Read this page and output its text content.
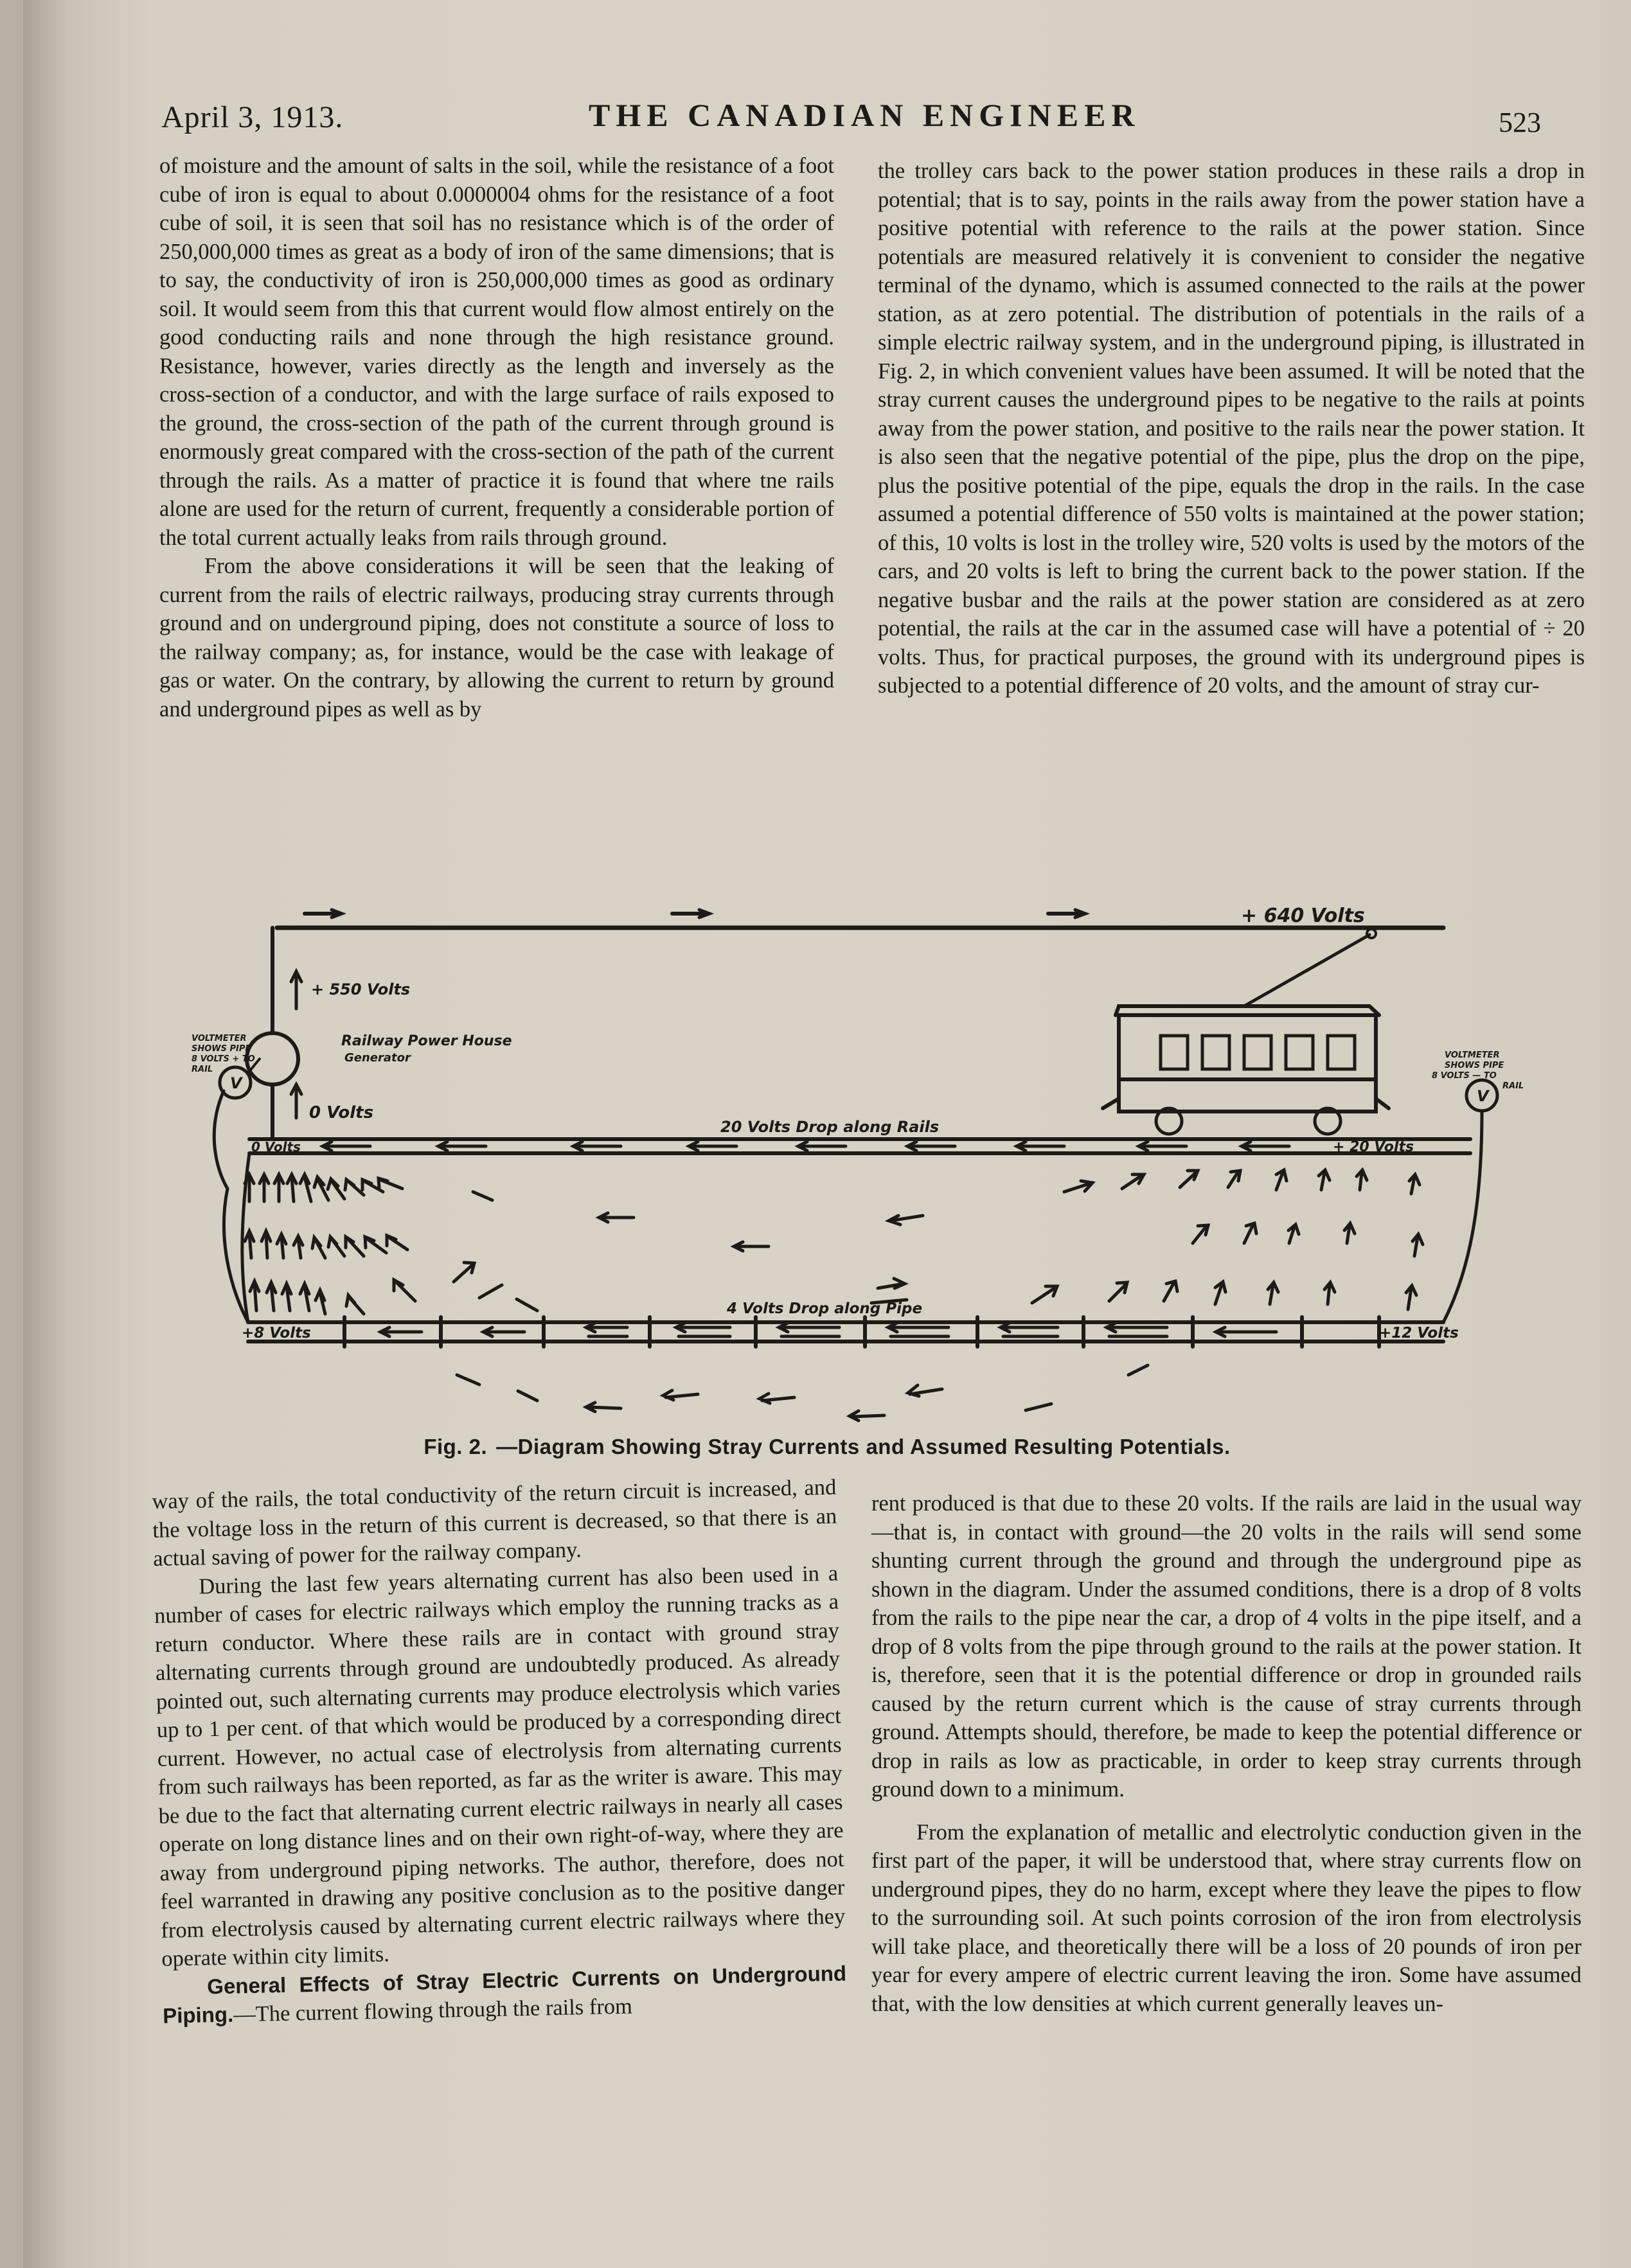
April 3, 1913.	THE CANADIAN ENGINEER	523

of moisture and the amount of salts in the soil, while the resistance of a foot cube of iron is equal to about 0.0000004 ohms for the resistance of a foot cube of soil, it is seen that soil has no resistance which is of the order of 250,000,000 times as great as a body of iron of the same dimensions; that is to say, the conductivity of iron is 250,000,000 times as good as ordinary soil. It would seem from this that current would flow almost entirely on the good conducting rails and none through the high resistance ground. Resistance, however, varies directly as the length and inversely as the cross-section of a conductor, and with the large surface of rails exposed to the ground, the cross-section of the path of the current through ground is enormously great compared with the cross-section of the path of the current through the rails. As a matter of practice it is found that where tne rails alone are used for the return of current, frequently a considerable portion of the total current actually leaks from rails through ground.

From the above considerations it will be seen that the leaking of current from the rails of electric railways, producing stray currents through ground and on underground piping, does not constitute a source of loss to the railway company; as, for instance, would be the case with leakage of gas or water. On the contrary, by allowing the current to return by ground and underground pipes as well as by

the trolley cars back to the power station produces in these rails a drop in potential; that is to say, points in the rails away from the power station have a positive potential with reference to the rails at the power station. Since potentials are measured relatively it is convenient to consider the negative terminal of the dynamo, which is assumed connected to the rails at the power station, as at zero potential. The distribution of potentials in the rails of a simple electric railway system, and in the underground piping, is illustrated in Fig. 2, in which convenient values have been assumed. It will be noted that the stray current causes the underground pipes to be negative to the rails at points away from the power station, and positive to the rails near the power station. It is also seen that the negative potential of the pipe, plus the drop on the pipe, plus the positive potential of the pipe, equals the drop in the rails. In the case assumed a potential difference of 550 volts is maintained at the power station; of this, 10 volts is lost in the trolley wire, 520 volts is used by the motors of the cars, and 20 volts is left to bring the current back to the power station. If the negative busbar and the rails at the power station are considered as at zero potential, the rails at the car in the assumed case will have a potential of ÷ 20 volts. Thus, for practical purposes, the ground with its underground pipes is subjected to a potential difference of 20 volts, and the amount of stray cur-

+ 640 Volts
+ 550 Volts
0 Volts
Railway Power House
Generator
VOLTMETER
SHOWS PIPE
8 VOLTS + TO
RAIL
V
VOLTMETER
SHOWS PIPE
8 VOLTS — TO
RAIL
V
20 Volts Drop along Rails
0 Volts	+ 20 Volts
4 Volts Drop along Pipe
+8 Volts	+12 Volts
Fig. 2. —Diagram Showing Stray Currents and Assumed Resulting Potentials.

way of the rails, the total conductivity of the return circuit is increased, and the voltage loss in the return of this current is decreased, so that there is an actual saving of power for the railway company.

During the last few years alternating current has also been used in a number of cases for electric railways which employ the running tracks as a return conductor. Where these rails are in contact with ground stray alternating currents through ground are undoubtedly produced. As already pointed out, such alternating currents may produce electrolysis which varies up to 1 per cent. of that which would be produced by a corresponding direct current. However, no actual case of electrolysis from alternating currents from such railways has been reported, as far as the writer is aware. This may be due to the fact that alternating current electric railways in nearly all cases operate on long distance lines and on their own right-of-way, where they are away from underground piping networks. The author, therefore, does not feel warranted in drawing any positive conclusion as to the positive danger from electrolysis caused by alternating current electric railways where they operate within city limits.

General Effects of Stray Electric Currents on Underground Piping.—The current flowing through the rails from

rent produced is that due to these 20 volts. If the rails are laid in the usual way—that is, in contact with ground—the 20 volts in the rails will send some shunting current through the ground and through the underground pipe as shown in the diagram. Under the assumed conditions, there is a drop of 8 volts from the rails to the pipe near the car, a drop of 4 volts in the pipe itself, and a drop of 8 volts from the pipe through ground to the rails at the power station. It is, therefore, seen that it is the potential difference or drop in grounded rails caused by the return current which is the cause of stray currents through ground. Attempts should, therefore, be made to keep the potential difference or drop in rails as low as practicable, in order to keep stray currents through ground down to a minimum.

From the explanation of metallic and electrolytic conduction given in the first part of the paper, it will be understood that, where stray currents flow on underground pipes, they do no harm, except where they leave the pipes to flow to the surrounding soil. At such points corrosion of the iron from electrolysis will take place, and theoretically there will be a loss of 20 pounds of iron per year for every ampere of electric current leaving the iron. Some have assumed that, with the low densities at which current generally leaves un-
